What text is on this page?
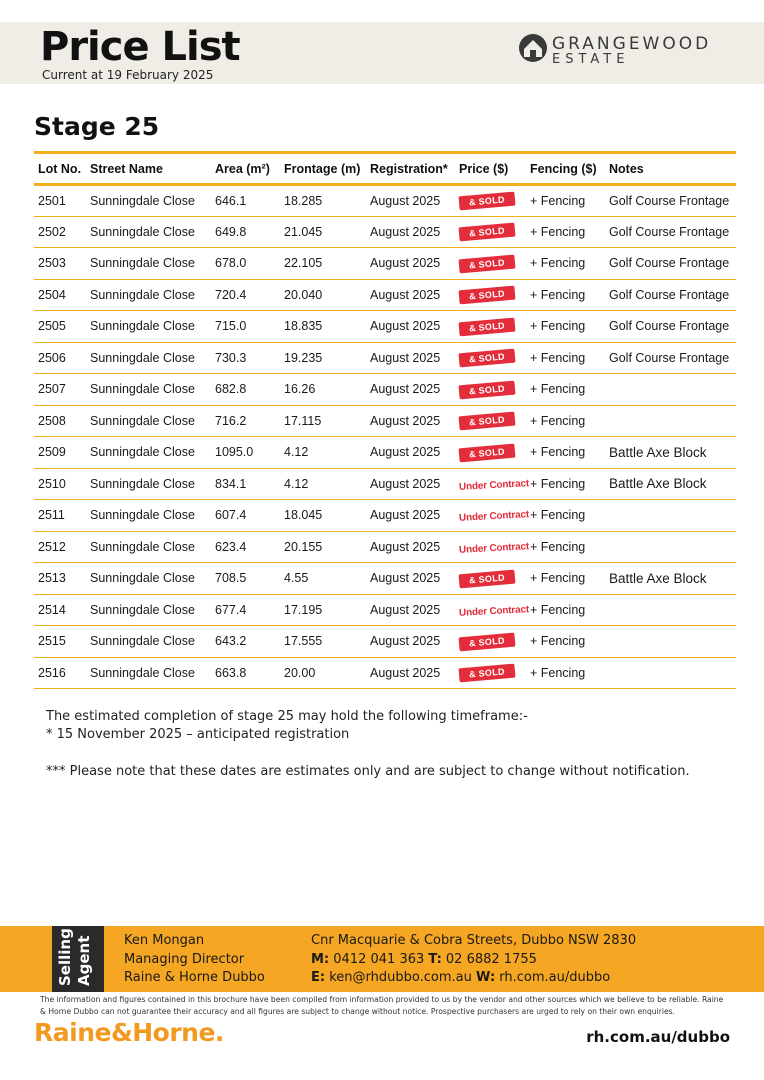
Price List
Current at 19 February 2025
GRANGEWOOD
ESTATE
Stage 25
Lot No.	Street Name	Area (m²)	Frontage (m)	Registration*	Price ($)	Fencing ($)	Notes
2501	Sunningdale Close	646.1	18.285	August 2025	& SOLD	+ Fencing	Golf Course Frontage
2502	Sunningdale Close	649.8	21.045	August 2025	& SOLD	+ Fencing	Golf Course Frontage
2503	Sunningdale Close	678.0	22.105	August 2025	& SOLD	+ Fencing	Golf Course Frontage
2504	Sunningdale Close	720.4	20.040	August 2025	& SOLD	+ Fencing	Golf Course Frontage
2505	Sunningdale Close	715.0	18.835	August 2025	& SOLD	+ Fencing	Golf Course Frontage
2506	Sunningdale Close	730.3	19.235	August 2025	& SOLD	+ Fencing	Golf Course Frontage
2507	Sunningdale Close	682.8	16.26	August 2025	& SOLD	+ Fencing	
2508	Sunningdale Close	716.2	17.115	August 2025	& SOLD	+ Fencing	
2509	Sunningdale Close	1095.0	4.12	August 2025	& SOLD	+ Fencing	Battle Axe Block
2510	Sunningdale Close	834.1	4.12	August 2025	Under Contract	+ Fencing	Battle Axe Block
2511	Sunningdale Close	607.4	18.045	August 2025	Under Contract	+ Fencing	
2512	Sunningdale Close	623.4	20.155	August 2025	Under Contract	+ Fencing	
2513	Sunningdale Close	708.5	4.55	August 2025	& SOLD	+ Fencing	Battle Axe Block
2514	Sunningdale Close	677.4	17.195	August 2025	Under Contract	+ Fencing	
2515	Sunningdale Close	643.2	17.555	August 2025	& SOLD	+ Fencing	
2516	Sunningdale Close	663.8	20.00	August 2025	& SOLD	+ Fencing	
The estimated completion of stage 25 may hold the following timeframe:-
* 15 November 2025 – anticipated registration
*** Please note that these dates are estimates only and are subject to change without notification.
Selling Agent Ken Mongan
Managing Director
Raine & Horne Dubbo
Cnr Macquarie & Cobra Streets, Dubbo NSW 2830
M: 0412 041 363 T: 02 6882 1755
E: ken@rhdubbo.com.au W: rh.com.au/dubbo
The information and figures contained in this brochure have been compiled from information provided to us by the vendor and other sources which we believe to be reliable. Raine & Horne Dubbo can not guarantee their accuracy and all figures are subject to change without notice. Prospective purchasers are urged to rely on their own enquiries.
Raine&Horne.	rh.com.au/dubbo
